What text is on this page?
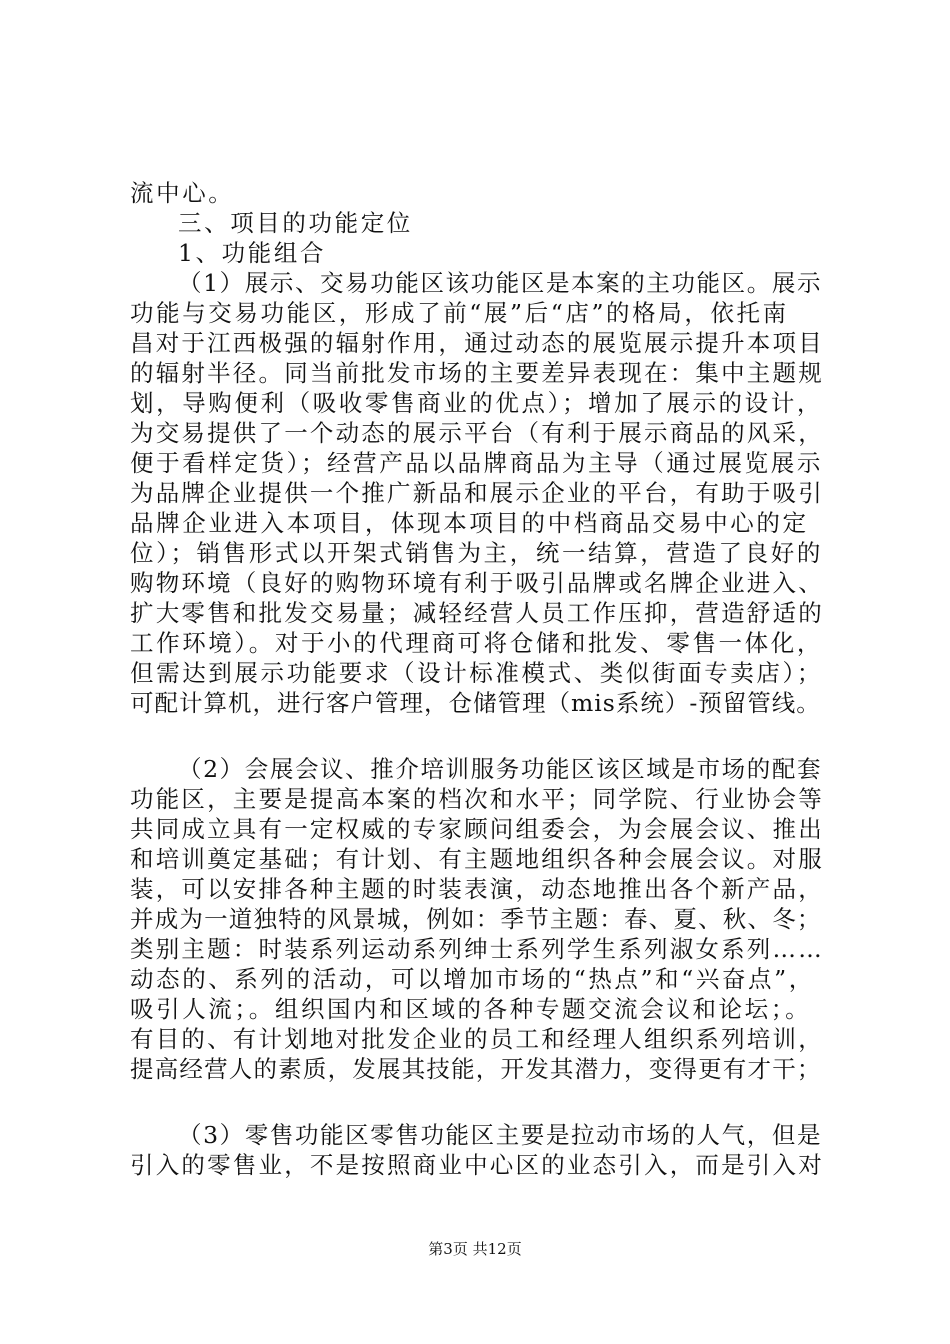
流中心。
三、项目的功能定位
1、功能组合
（1）展示、交易功能区该功能区是本案的主功能区。展示
功能与交易功能区，形成了前“展”后“店”的格局，依托南
昌对于江西极强的辐射作用，通过动态的展览展示提升本项目
的辐射半径。同当前批发市场的主要差异表现在：集中主题规
划，导购便利（吸收零售商业的优点）；增加了展示的设计，
为交易提供了一个动态的展示平台（有利于展示商品的风采，
便于看样定货）；经营产品以品牌商品为主导（通过展览展示
为品牌企业提供一个推广新品和展示企业的平台，有助于吸引
品牌企业进入本项目，体现本项目的中档商品交易中心的定
位）；销售形式以开架式销售为主，统一结算，营造了良好的
购物环境（良好的购物环境有利于吸引品牌或名牌企业进入、
扩大零售和批发交易量；减轻经营人员工作压抑，营造舒适的
工作环境）。对于小的代理商可将仓储和批发、零售一体化，
但需达到展示功能要求（设计标准模式、类似街面专卖店）；
可配计算机，进行客户管理，仓储管理（mis系统）-预留管线。
（2）会展会议、推介培训服务功能区该区域是市场的配套
功能区，主要是提高本案的档次和水平；同学院、行业协会等
共同成立具有一定权威的专家顾问组委会，为会展会议、推出
和培训奠定基础；有计划、有主题地组织各种会展会议。对服
装，可以安排各种主题的时装表演，动态地推出各个新产品，
并成为一道独特的风景城，例如：季节主题：春、夏、秋、冬；
类别主题：时装系列运动系列绅士系列学生系列淑女系列……
动态的、系列的活动，可以增加市场的“热点”和“兴奋点”，
吸引人流；。组织国内和区域的各种专题交流会议和论坛；。
有目的、有计划地对批发企业的员工和经理人组织系列培训，
提高经营人的素质，发展其技能，开发其潜力，变得更有才干；
（3）零售功能区零售功能区主要是拉动市场的人气，但是
引入的零售业，不是按照商业中心区的业态引入，而是引入对
第3页 共12页
